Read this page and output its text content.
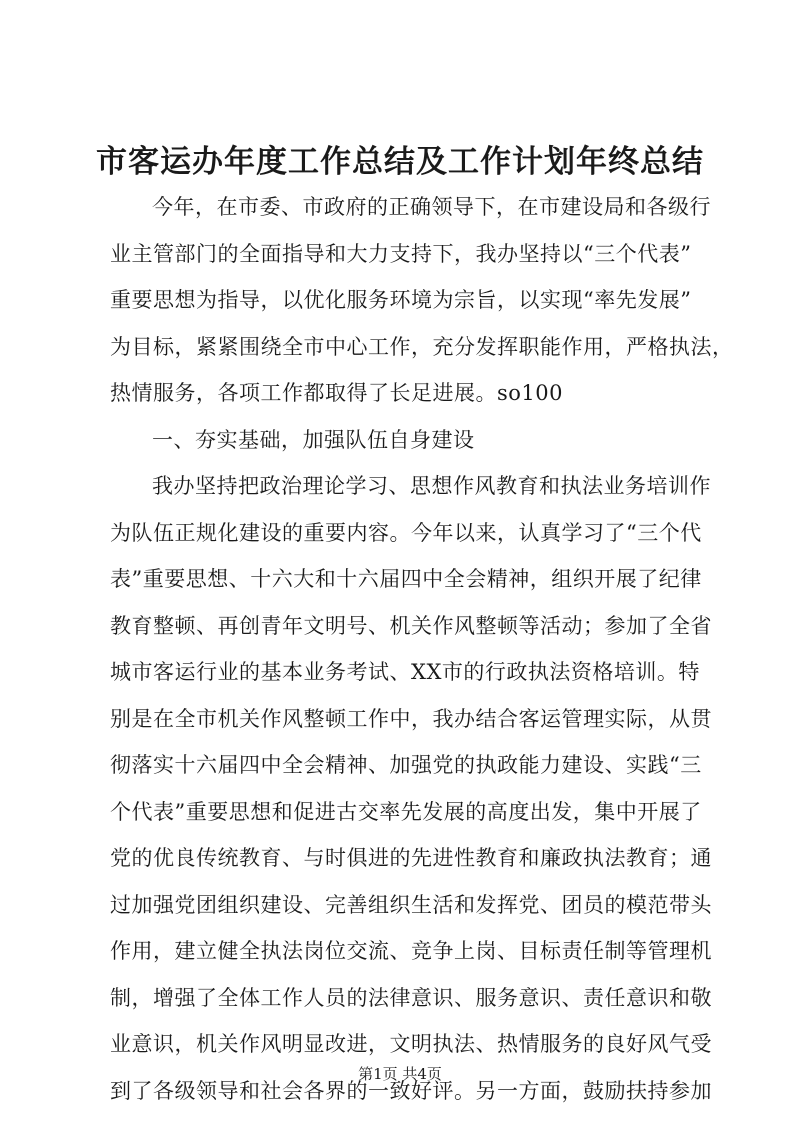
市客运办年度工作总结及工作计划年终总结
今年，在市委、市政府的正确领导下，在市建设局和各级行
业主管部门的全面指导和大力支持下，我办坚持以“三个代表”
重要思想为指导，以优化服务环境为宗旨，以实现“率先发展”
为目标，紧紧围绕全市中心工作，充分发挥职能作用，严格执法，
热情服务，各项工作都取得了长足进展。so100
一、夯实基础，加强队伍自身建设
我办坚持把政治理论学习、思想作风教育和执法业务培训作
为队伍正规化建设的重要内容。今年以来，认真学习了“三个代
表”重要思想、十六大和十六届四中全会精神，组织开展了纪律
教育整顿、再创青年文明号、机关作风整顿等活动；参加了全省
城市客运行业的基本业务考试、XX市的行政执法资格培训。特
别是在全市机关作风整顿工作中，我办结合客运管理实际，从贯
彻落实十六届四中全会精神、加强党的执政能力建设、实践“三
个代表”重要思想和促进古交率先发展的高度出发，集中开展了
党的优良传统教育、与时俱进的先进性教育和廉政执法教育；通
过加强党团组织建设、完善组织生活和发挥党、团员的模范带头
作用，建立健全执法岗位交流、竞争上岗、目标责任制等管理机
制，增强了全体工作人员的法律意识、服务意识、责任意识和敬
业意识，机关作风明显改进，文明执法、热情服务的良好风气受
到了各级领导和社会各界的一致好评。另一方面，鼓励扶持参加
第1页 共4页
